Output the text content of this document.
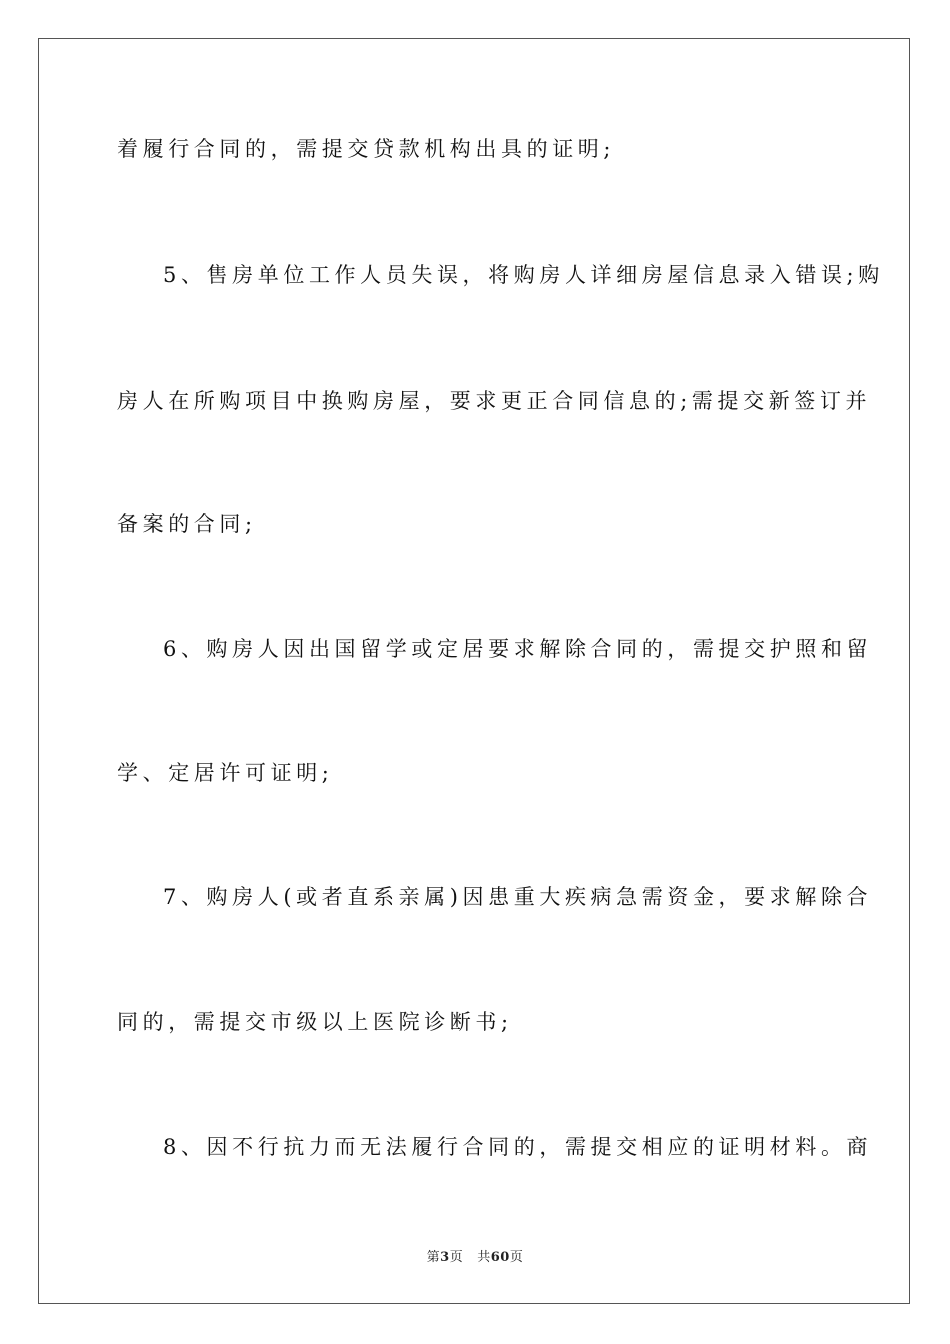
着履行合同的，需提交贷款机构出具的证明;
5、售房单位工作人员失误，将购房人详细房屋信息录入错误;购
房人在所购项目中换购房屋，要求更正合同信息的;需提交新签订并
备案的合同;
6、购房人因出国留学或定居要求解除合同的，需提交护照和留
学、定居许可证明;
7、购房人(或者直系亲属)因患重大疾病急需资金，要求解除合
同的，需提交市级以上医院诊断书;
8、因不行抗力而无法履行合同的，需提交相应的证明材料。商
第3页 共60页
